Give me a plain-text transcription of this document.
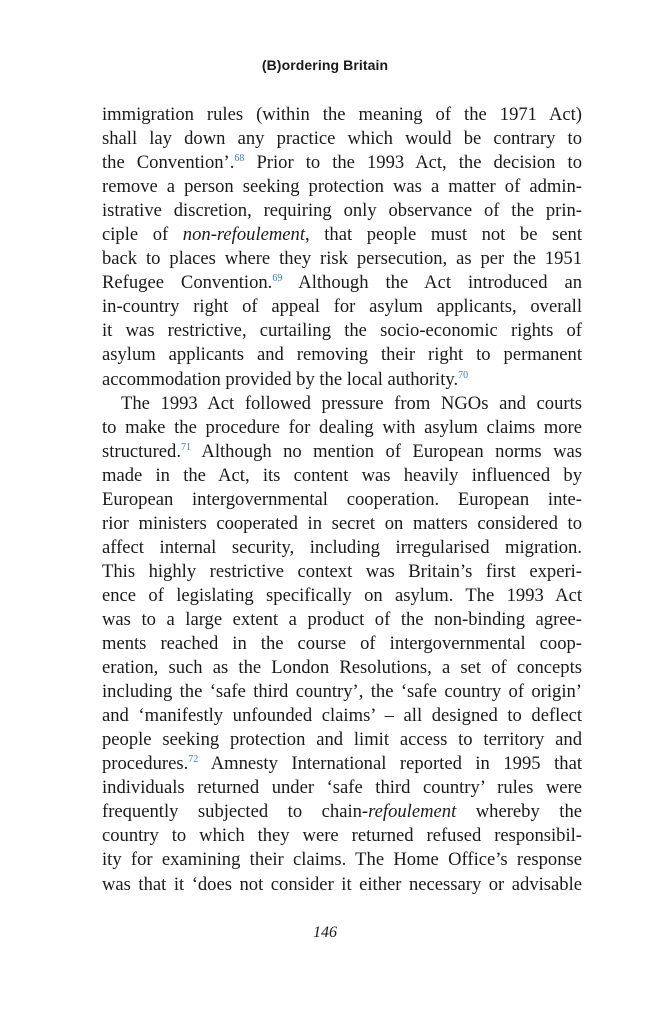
(B)ordering Britain
immigration rules (within the meaning of the 1971 Act)
shall lay down any practice which would be contrary to
the Convention’.$^{68}$ Prior to the 1993 Act, the decision to
remove a person seeking protection was a matter of admin-
istrative discretion, requiring only observance of the prin-
ciple of non-refoulement, that people must not be sent
back to places where they risk persecution, as per the 1951
Refugee Convention.$^{69}$ Although the Act introduced an
in-country right of appeal for asylum applicants, overall
it was restrictive, curtailing the socio-economic rights of
asylum applicants and removing their right to permanent
accommodation provided by the local authority.$^{70}$
The 1993 Act followed pressure from NGOs and courts
to make the procedure for dealing with asylum claims more
structured.$^{71}$ Although no mention of European norms was
made in the Act, its content was heavily influenced by
European intergovernmental cooperation. European inte-
rior ministers cooperated in secret on matters considered to
affect internal security, including irregularised migration.
This highly restrictive context was Britain’s first experi-
ence of legislating specifically on asylum. The 1993 Act
was to a large extent a product of the non-binding agree-
ments reached in the course of intergovernmental coop-
eration, such as the London Resolutions, a set of concepts
including the ‘safe third country’, the ‘safe country of origin’
and ‘manifestly unfounded claims’ – all designed to deflect
people seeking protection and limit access to territory and
procedures.$^{72}$ Amnesty International reported in 1995 that
individuals returned under ‘safe third country’ rules were
frequently subjected to chain-refoulement whereby the
country to which they were returned refused responsibil-
ity for examining their claims. The Home Office’s response
was that it ‘does not consider it either necessary or advisable
146
